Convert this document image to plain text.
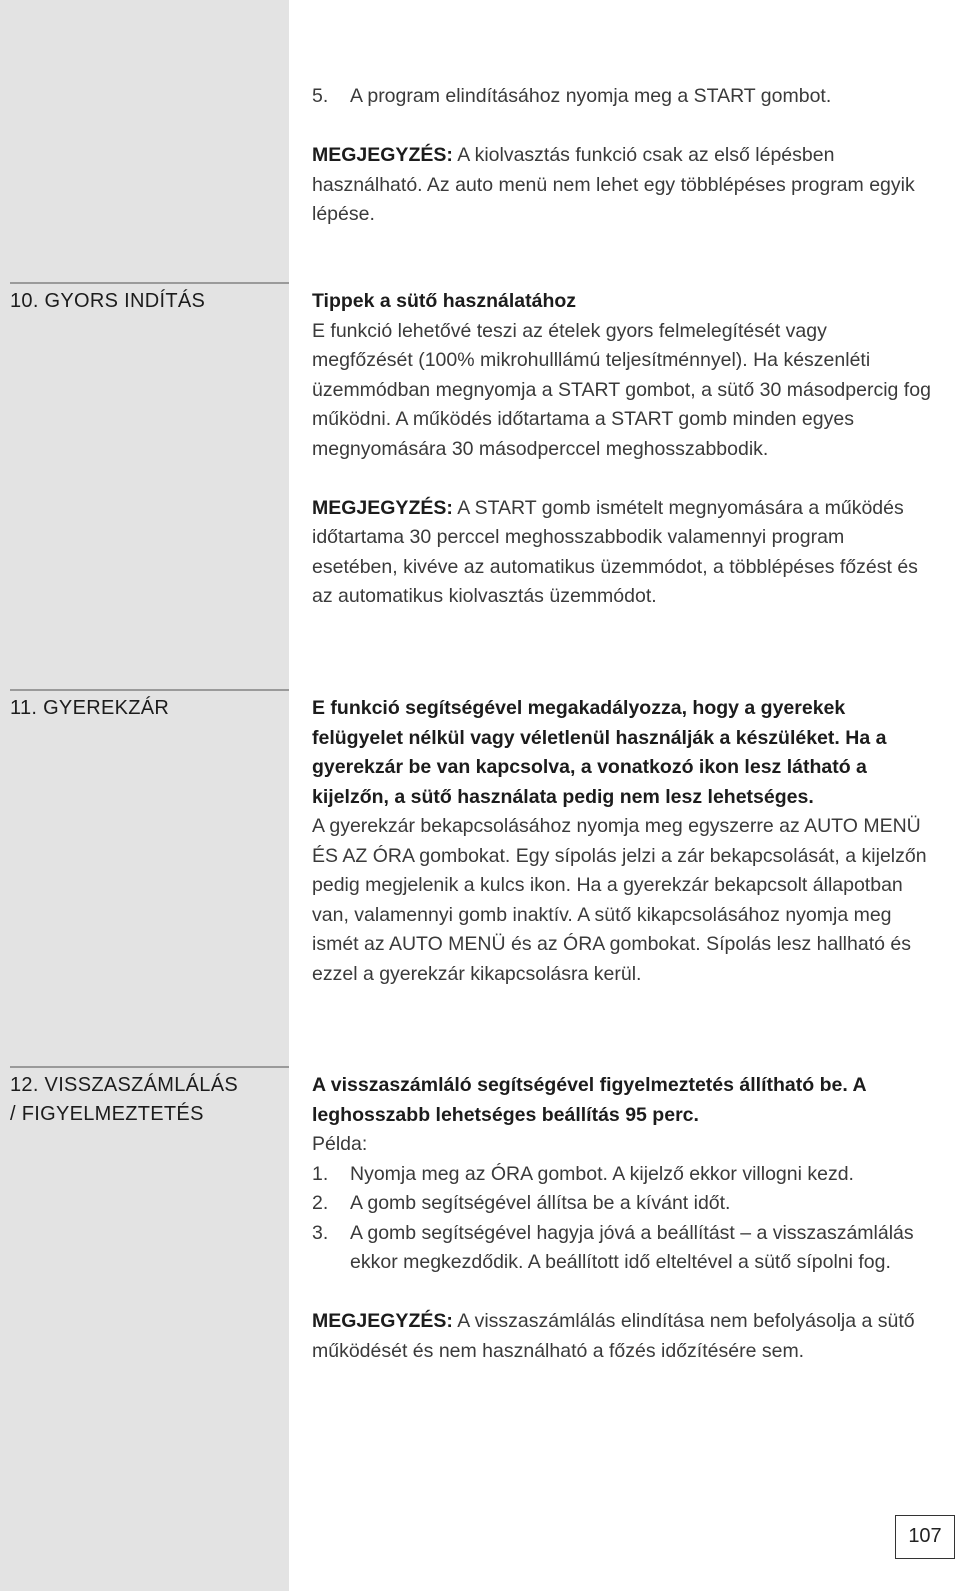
5. A program elindításához nyomja meg a START gombot.

MEGJEGYZÉS: A kiolvasztás funkció csak az első lépésben használható. Az auto menü nem lehet egy többlépéses program egyik lépése.

10. GYORS INDÍTÁS	Tippek a sütő használatához

E funkció lehetővé teszi az ételek gyors felmelegítését vagy megfőzését (100% mikrohulllámú teljesítménnyel). Ha készenléti üzemmódban megnyomja a START gombot, a sütő 30 másodpercig fog működni. A működés időtartama a START gomb minden egyes megnyomására 30 másodperccel meghosszabbodik.

MEGJEGYZÉS: A START gomb ismételt megnyomására a működés időtartama 30 perccel meghosszabbodik valamennyi program esetében, kivéve az automatikus üzemmódot, a többlépéses főzést és az automatikus kiolvasztás üzemmódot.

11. GYEREKZÁR	E funkció segítségével megakadályozza, hogy a gyerekek felügyelet nélkül vagy véletlenül használják a készüléket. Ha a gyerekzár be van kapcsolva, a vonatkozó ikon lesz látható a kijelzőn, a sütő használata pedig nem lesz lehetséges.

A gyerekzár bekapcsolásához nyomja meg egyszerre az AUTO MENÜ ÉS AZ ÓRA gombokat. Egy sípolás jelzi a zár bekapcsolását, a kijelzőn pedig megjelenik a kulcs ikon. Ha a gyerekzár bekapcsolt állapotban van, valamennyi gomb inaktív. A sütő kikapcsolásához nyomja meg ismét az AUTO MENÜ és az ÓRA gombokat. Sípolás lesz hallható és ezzel a gyerekzár kikapcsolásra kerül.

12. VISSZASZÁMLÁLÁS
/ FIGYELMEZTETÉS

A visszaszámláló segítségével figyelmeztetés állítható be. A leghosszabb lehetséges beállítás 95 perc.

Példa:

1. Nyomja meg az ÓRA gombot. A kijelző ekkor villogni kezd.
2. A gomb segítségével állítsa be a kívánt időt.
3. A gomb segítségével hagyja jóvá a beállítást – a visszaszámlálás ekkor megkezdődik. A beállított idő elteltével a sütő sípolni fog.

MEGJEGYZÉS: A visszaszámlálás elindítása nem befolyásolja a sütő működését és nem használható a főzés időzítésére sem.

107
